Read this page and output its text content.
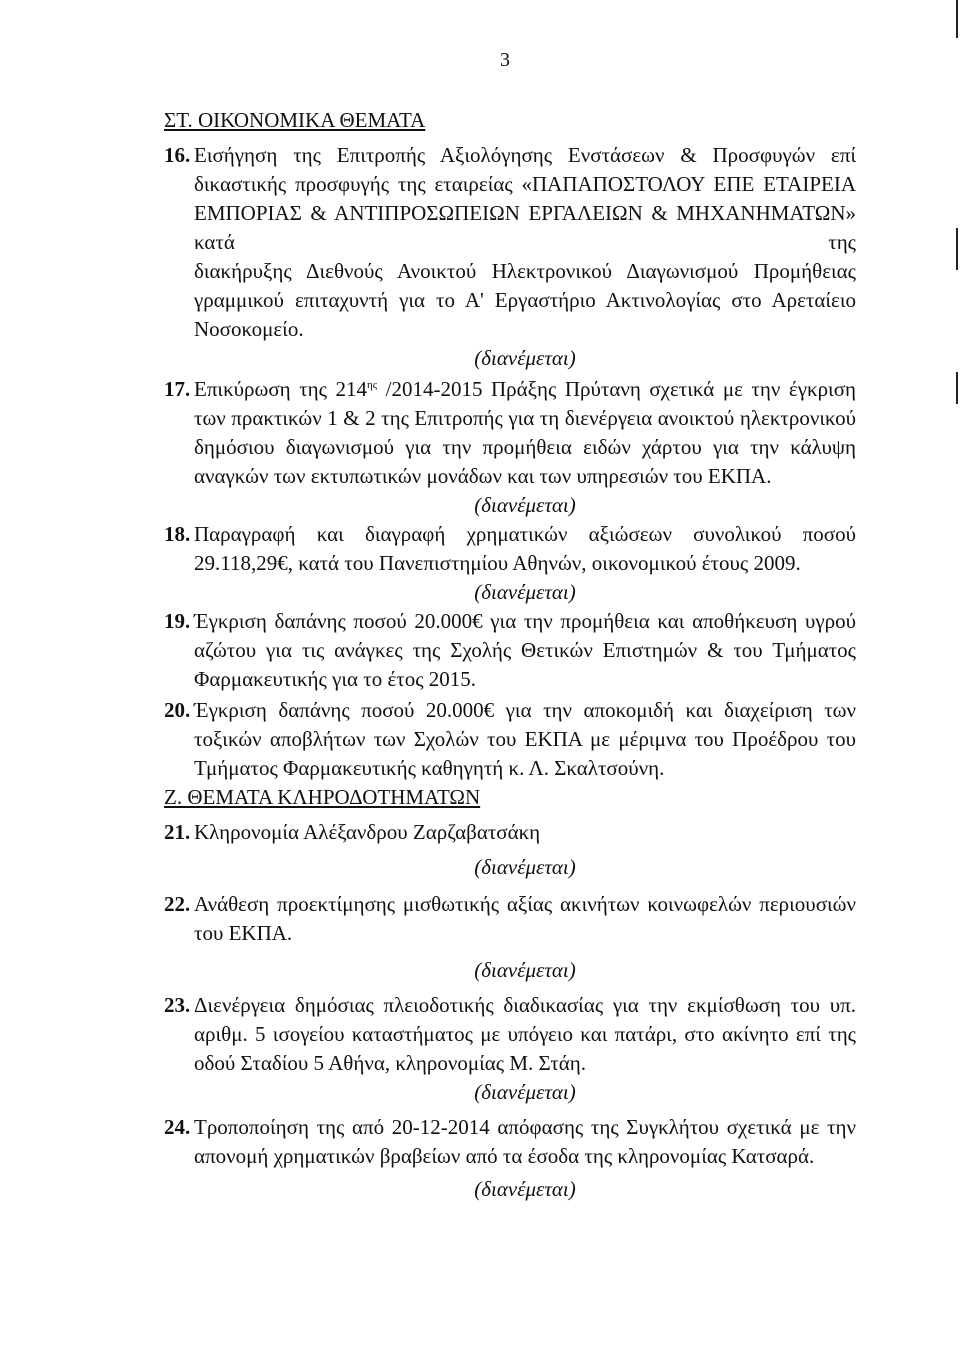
3
ΣΤ. ΟΙΚΟΝΟΜΙΚΑ ΘΕΜΑΤΑ
16. Εισήγηση της Επιτροπής Αξιολόγησης Ενστάσεων & Προσφυγών επί
δικαστικής προσφυγής της εταιρείας «ΠΑΠΑΠΟΣΤΟΛΟΥ ΕΠΕ ΕΤΑΙΡΕΙΑ
ΕΜΠΟΡΙΑΣ & ΑΝΤΙΠΡΟΣΩΠΕΙΩΝ ΕΡΓΑΛΕΙΩΝ & ΜΗΧΑΝΗΜΑΤΩΝ» κατά της
διακήρυξης Διεθνούς Ανοικτού Ηλεκτρονικού Διαγωνισμού Προμήθειας
γραμμικού επιταχυντή για το Α' Εργαστήριο Ακτινολογίας στο Αρεταίειο
Νοσοκομείο.
(διανέμεται)
17. Επικύρωση της $214^{\eta\varsigma}$ /2014-2015 Πράξης Πρύτανη σχετικά με την έγκριση
των πρακτικών 1 & 2 της Επιτροπής για τη διενέργεια ανοικτού ηλεκτρονικού
δημόσιου διαγωνισμού για την προμήθεια ειδών χάρτου για την κάλυψη
αναγκών των εκτυπωτικών μονάδων και των υπηρεσιών του ΕΚΠΑ.
(διανέμεται)
18. Παραγραφή και διαγραφή χρηματικών αξιώσεων συνολικού ποσού
29.118,29€, κατά του Πανεπιστημίου Αθηνών, οικονομικού έτους 2009.
(διανέμεται)
19. Έγκριση δαπάνης ποσού 20.000€ για την προμήθεια και αποθήκευση υγρού
αζώτου για τις ανάγκες της Σχολής Θετικών Επιστημών & του Τμήματος
Φαρμακευτικής για το έτος 2015.
20. Έγκριση δαπάνης ποσού 20.000€ για την αποκομιδή και διαχείριση των
τοξικών αποβλήτων των Σχολών του ΕΚΠΑ με μέριμνα του Προέδρου του
Τμήματος Φαρμακευτικής καθηγητή κ. Λ. Σκαλτσούνη.
Ζ. ΘΕΜΑΤΑ ΚΛΗΡΟΔΟΤΗΜΑΤΩΝ
21. Κληρονομία Αλέξανδρου Ζαρζαβατσάκη
(διανέμεται)
22. Ανάθεση προεκτίμησης μισθωτικής αξίας ακινήτων κοινωφελών περιουσιών
του ΕΚΠΑ.
(διανέμεται)
23. Διενέργεια δημόσιας πλειοδοτικής διαδικασίας για την εκμίσθωση του υπ.
αριθμ. 5 ισογείου καταστήματος με υπόγειο και πατάρι, στο ακίνητο επί της
οδού Σταδίου 5 Αθήνα, κληρονομίας Μ. Στάη.
(διανέμεται)
24. Τροποποίηση της από 20-12-2014 απόφασης της Συγκλήτου σχετικά με την
απονομή χρηματικών βραβείων από τα έσοδα της κληρονομίας Κατσαρά.
(διανέμεται)
